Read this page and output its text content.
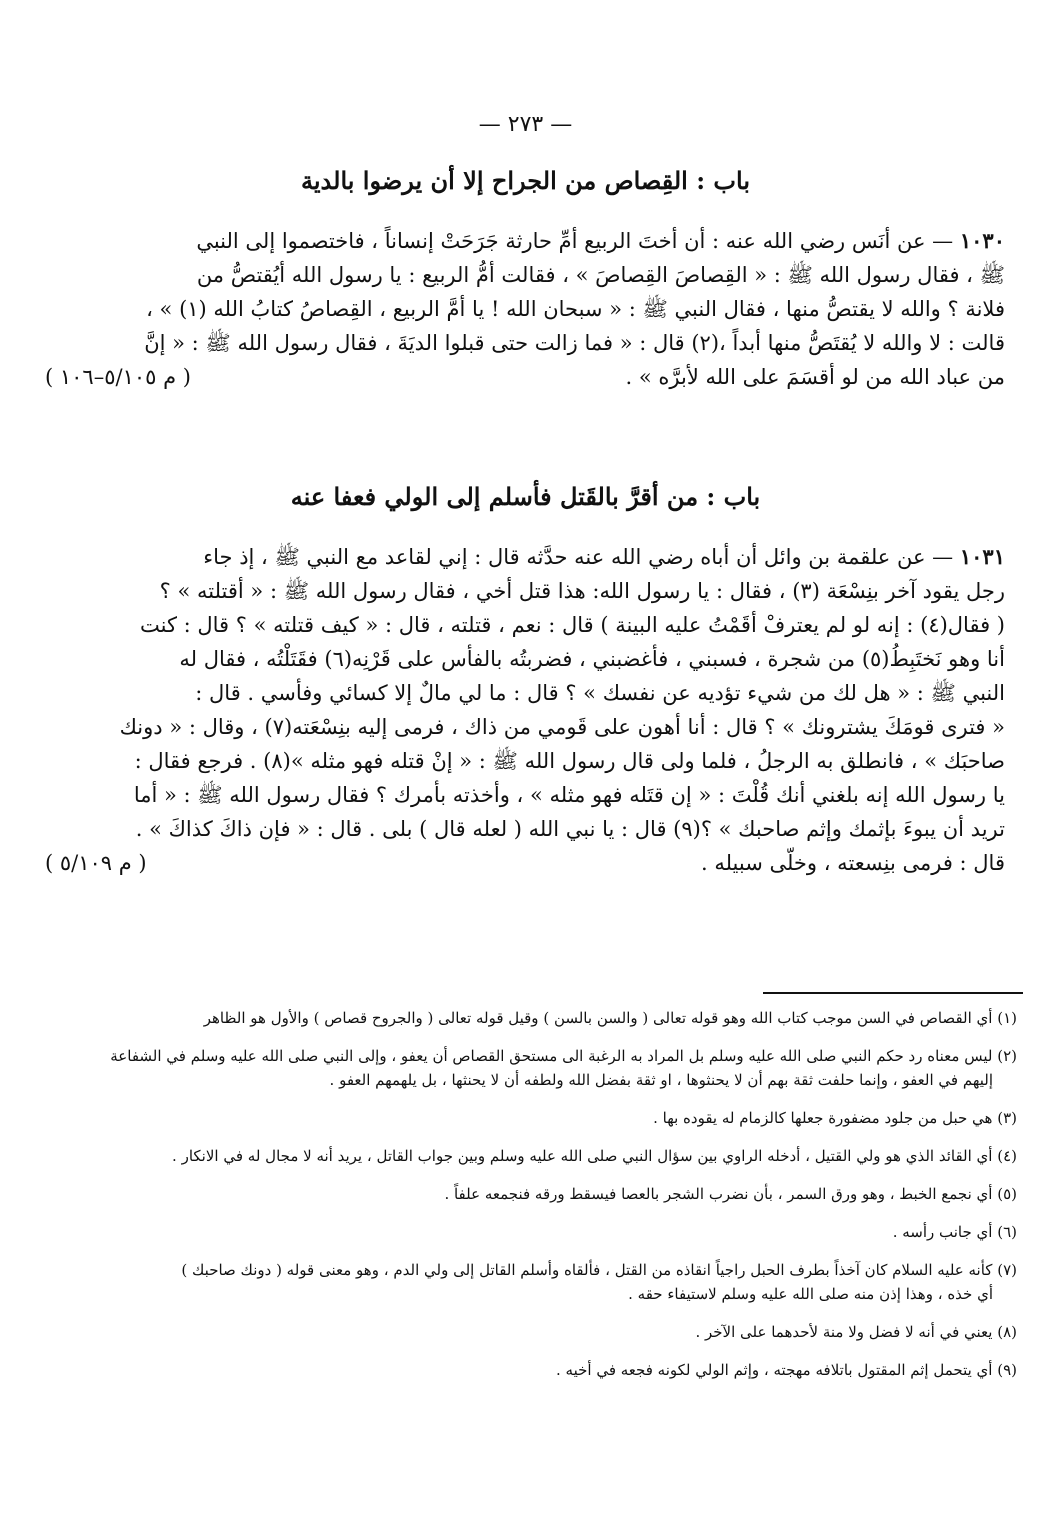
— ٢٧٣ —
باب : القِصاص من الجراح إلا أن يرضوا بالدية
١٠٣٠ — عن أنَس رضي الله عنه : أن أختَ الربيع أمِّ حارثة جَرَحَتْ إنساناً ، فاختصموا إلى النبي
ﷺ ، فقال رسول الله ﷺ : « القِصاصَ القِصاصَ » ، فقالت أمُّ الربيع : يا رسول الله أيُقتصُّ من
فلانة ؟ والله لا يقتصُّ منها ، فقال النبي ﷺ : « سبحان الله ! يا أمَّ الربيع ، القِصاصُ كتابُ الله (١) » ،
قالت : لا والله لا يُقتَصُّ منها أبداً ،(٢) قال : « فما زالت حتى قبلوا الديَةَ ، فقال رسول الله ﷺ : « إنَّ
من عباد الله من لو أقسَمَ على الله لأبرَّه » .
( م ٥/١٠٥–١٠٦ )
باب : من أقرَّ بالقَتل فأسلم إلى الولي فعفا عنه
١٠٣١ — عن علقمة بن وائل أن أباه رضي الله عنه حدَّثه قال : إني لقاعد مع النبي ﷺ ، إذ جاء
رجل يقود آخر بنِسْعَة (٣) ، فقال : يا رسول الله: هذا قتل أخي ، فقال رسول الله ﷺ : « أقتلته » ؟
( فقال(٤) : إنه لو لم يعترفْ أقَمْتُ عليه البينة ) قال : نعم ، قتلته ، قال : « كيف قتلته » ؟ قال : كنت
أنا وهو نَختَبِطُ(٥) من شجرة ، فسبني ، فأغضبني ، فضربتُه بالفأس على قَرْنِه(٦) فقَتَلْتُه ، فقال له
النبي ﷺ : « هل لك من شيء تؤديه عن نفسك » ؟ قال : ما لي مالٌ إلا كسائي وفأسي . قال :
« فترى قومَكَ يشترونك » ؟ قال : أنا أهون على قَومي من ذاك ، فرمى إليه بنِسْعَته(٧) ، وقال : « دونك
صاحبَك » ، فانطلق به الرجلُ ، فلما ولى قال رسول الله ﷺ : « إنْ قتله فهو مثله »(٨) . فرجع فقال :
يا رسول الله إنه بلغني أنك قُلْتَ : « إن قتَله فهو مثله » ، وأخذته بأمرك ؟ فقال رسول الله ﷺ : « أما
تريد أن يبوءَ بإثمك وإثم صاحبك » ؟(٩) قال : يا نبي الله ( لعله قال ) بلى . قال : « فإن ذاكَ كذاكَ » .
قال : فرمى بنِسعته ، وخلّى سبيله .
( م ٥/١٠٩ )
(١) أي القصاص في السن موجب كتاب الله وهو قوله تعالى ( والسن بالسن ) وقيل قوله تعالى ( والجروح قصاص ) والأول هو الظاهر
(٢) ليس معناه رد حكم النبي صلى الله عليه وسلم بل المراد به الرغبة الى مستحق القصاص أن يعفو ، وإلى النبي صلى الله عليه وسلم في الشفاعة
إليهم في العفو ، وإنما حلفت ثقة بهم أن لا يحنثوها ، او ثقة بفضل الله ولطفه أن لا يحنثها ، بل يلهمهم العفو .
(٣) هي حبل من جلود مضفورة جعلها كالزمام له يقوده بها .
(٤) أي القائد الذي هو ولي القتيل ، أدخله الراوي بين سؤال النبي صلى الله عليه وسلم وبين جواب القاتل ، يريد أنه لا مجال له في الانكار .
(٥) أي نجمع الخبط ، وهو ورق السمر ، بأن نضرب الشجر بالعصا فيسقط ورقه فنجمعه علفاً .
(٦) أي جانب رأسه .
(٧) كأنه عليه السلام كان آخذاً بطرف الحبل راجياً انقاذه من القتل ، فألقاه وأسلم القاتل إلى ولي الدم ، وهو معنى قوله ( دونك صاحبك )
أي خذه ، وهذا إذن منه صلى الله عليه وسلم لاستيفاء حقه .
(٨) يعني في أنه لا فضل ولا منة لأحدهما على الآخر .
(٩) أي يتحمل إثم المقتول باتلافه مهجته ، وإثم الولي لكونه فجعه في أخيه .
